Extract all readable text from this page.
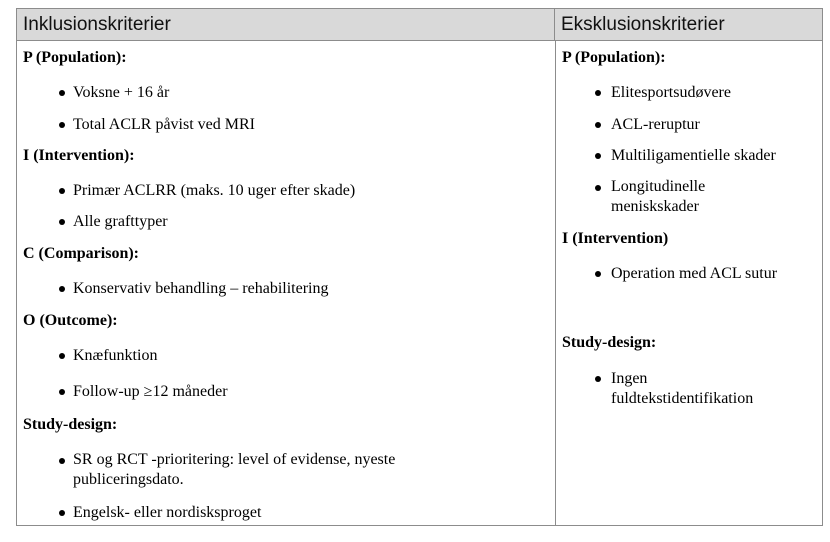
Inklusionskriterier	Eksklusionskriterier
P (Population):
Voksne + 16 år
Total ACLR påvist ved MRI
I (Intervention):
Primær ACLRR (maks. 10 uger efter skade)
Alle grafttyper
C (Comparison):
Konservativ behandling – rehabilitering
O (Outcome):
Knæfunktion
Follow-up ≥12 måneder
Study-design:
SR og RCT -prioritering: level of evidense, nyeste publiceringsdato.
Engelsk- eller nordisksproget
P (Population):
Elitesportsudøvere
ACL-reruptur
Multiligamentielle skader
Longitudinelle meniskskader
I (Intervention)
Operation med ACL sutur
Study-design:
Ingen fuldtekstidentifikation
